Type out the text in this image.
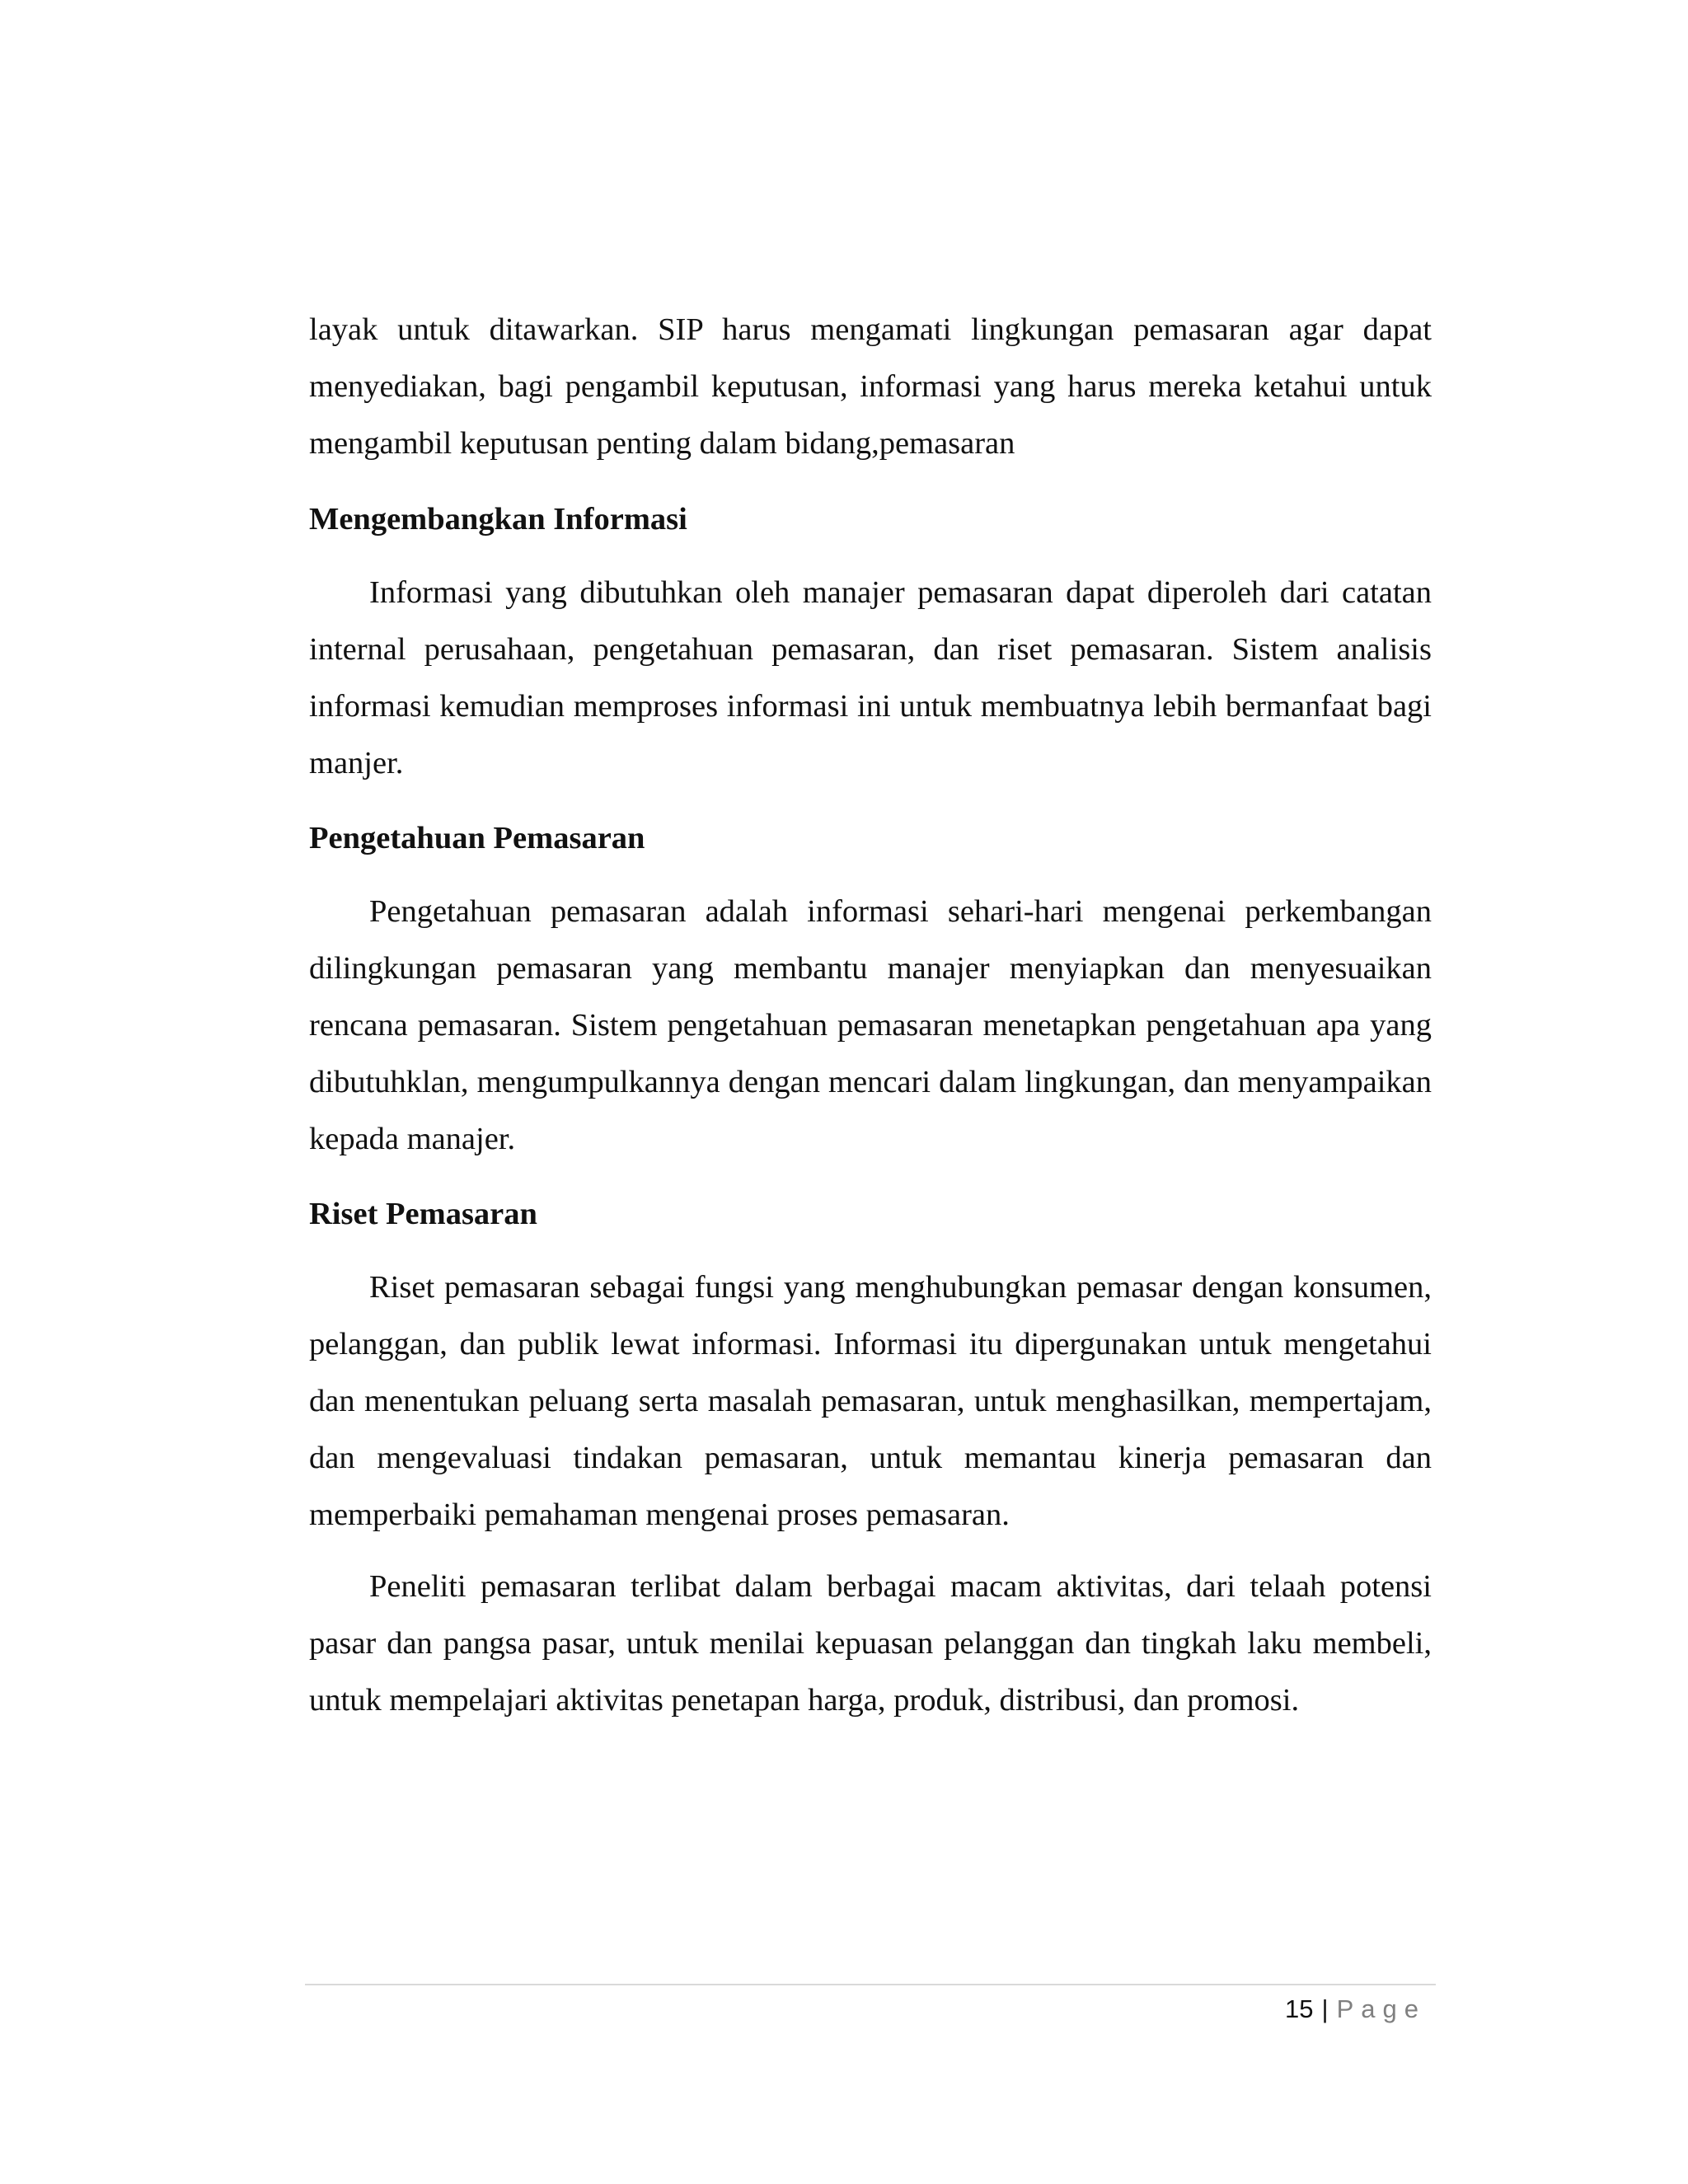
layak untuk ditawarkan. SIP harus mengamati lingkungan pemasaran agar dapat menyediakan, bagi pengambil keputusan, informasi yang harus mereka ketahui untuk mengambil keputusan penting dalam bidang,pemasaran

Mengembangkan Informasi

Informasi yang dibutuhkan oleh manajer pemasaran dapat diperoleh dari catatan internal perusahaan, pengetahuan pemasaran, dan riset pemasaran. Sistem analisis informasi kemudian memproses informasi ini untuk membuatnya lebih bermanfaat bagi manjer.

Pengetahuan Pemasaran

Pengetahuan pemasaran adalah informasi sehari-hari mengenai perkembangan dilingkungan pemasaran yang membantu manajer menyiapkan dan menyesuaikan rencana pemasaran. Sistem pengetahuan pemasaran menetapkan pengetahuan apa yang dibutuhklan, mengumpulkannya dengan mencari dalam lingkungan, dan menyampaikan kepada manajer.

Riset Pemasaran

Riset pemasaran sebagai fungsi yang menghubungkan pemasar dengan konsumen, pelanggan, dan publik lewat informasi. Informasi itu dipergunakan untuk mengetahui dan menentukan peluang serta masalah pemasaran, untuk menghasilkan, mempertajam, dan mengevaluasi tindakan pemasaran, untuk memantau kinerja pemasaran dan memperbaiki pemahaman mengenai proses pemasaran.

Peneliti pemasaran terlibat dalam berbagai macam aktivitas, dari telaah potensi pasar dan pangsa pasar, untuk menilai kepuasan pelanggan dan tingkah laku membeli, untuk mempelajari aktivitas penetapan harga, produk, distribusi, dan promosi.

15 | Page
